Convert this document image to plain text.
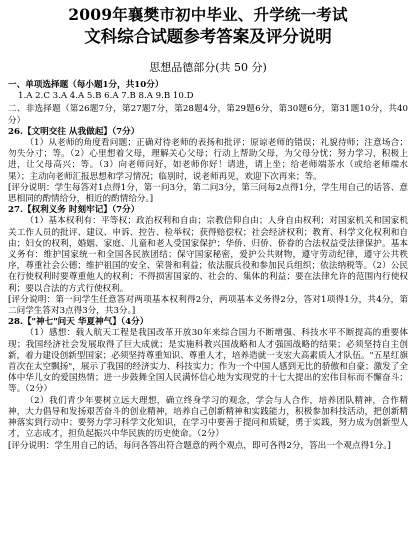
2009年襄樊市初中毕业、升学统一考试
文科综合试题参考答案及评分说明
思想品德部分(共 50 分)
一、单项选择题（每小题1分，共10分）
1.A 2.C 3.A 4.A 5.B 6.A 7.B 8.A 9.B 10.D
二、非选择题（第26题7分，第27题7分，第28题4分，第29题6分，第30题6分，第31题10分，共40分）
26.【文明交往 从我做起】（7分）
（1）从老师的角度看问题；正确对待老师的表扬和批评；原谅老师的错误；礼貌待师；注意场合；勿失分寸；等。（2）心里想着父母，理解关心父母；行动上帮助父母，为父母分忧；努力学习，积极上进，让父母高兴；等。（3）向老师问好，如老师你好！请进，请上坐；给老师端茶水（或给老师端水果）；主动向老师汇报思想和学习情况；临别时，说老师再见，欢迎下次再来；等。
[评分说明：学生每答对1点得1分，第一问3分，第二问3分，第三问每2点得1分，学生用自己的话答、意思相同的酌情给分，相近的酌情给分。]
27.【权利义务 时刻牢记】（7分）
（1）基本权利有：平等权；政治权利和自由；宗教信仰自由；人身自由权利；对国家机关和国家机关工作人员的批评、建议、申诉、控告、检举权；获得赔偿权；社会经济权利；教育、科学文化权利和自由；妇女的权利，婚姻、家庭、儿童和老人受国家保护；华侨、归侨、侨眷的合法权益受法律保护。基本义务有：维护国家统一和全国各民族团结；保守国家秘密，爱护公共财物，遵守劳动纪律，遵守公共秩序，尊重社会公德；维护祖国的安全、荣誉和利益；依法服兵役和参加民兵组织；依法纳税等。（2）公民在行使权利时要尊重他人的权利；不得损害国家的、社会的、集体的利益；要在法律允许的范围内行使权利；要以合法的方式行使权利。
[评分说明：第一问学生任意答对两项基本权利得2分，两项基本义务得2分，答对1项得1分，共4分，第二问学生答对3点得3分，共3分。]
28.【"神七"问天 华夏神气】（4分）
（1）感想：载人航天工程是我国改革开放30年来综合国力不断增强、科技水平不断提高的重要体现；我国经济社会发展取得了巨大成就；是实施科教兴国战略和人才强国战略的结果；必须坚持自主创新，着力建设创新型国家；必须坚持尊重知识、尊重人才，培养造就一支宏大高素质人才队伍。"五星红旗首次在太空飘扬"，展示了我国的经济实力、科技实力；作为一个中国人感到无比的骄傲和自豪；激发了全体中华儿女的爱国热情；进一步鼓舞全国人民满怀信心地为实现党的十七大提出的宏伟目标而不懈奋斗；等。（2分）
（2）我们青少年要树立远大理想，确立终身学习的观念，学会与人合作，培养团队精神，合作精神，大力倡导和发扬艰苦奋斗的创业精神，培养自己创新精神和实践能力，积极参加科技活动，把创新精神落实到行动中；要努力学习科学文化知识，在学习中要善于提问和质疑，勇于实践，努力成为创新型人才，立志成才，担负起振兴中华民族的历史使命。（2分）
[评分说明：学生用自己的话，每问各答出符合题意的两个观点，即可各得2分，答出一个观点得1分。]
